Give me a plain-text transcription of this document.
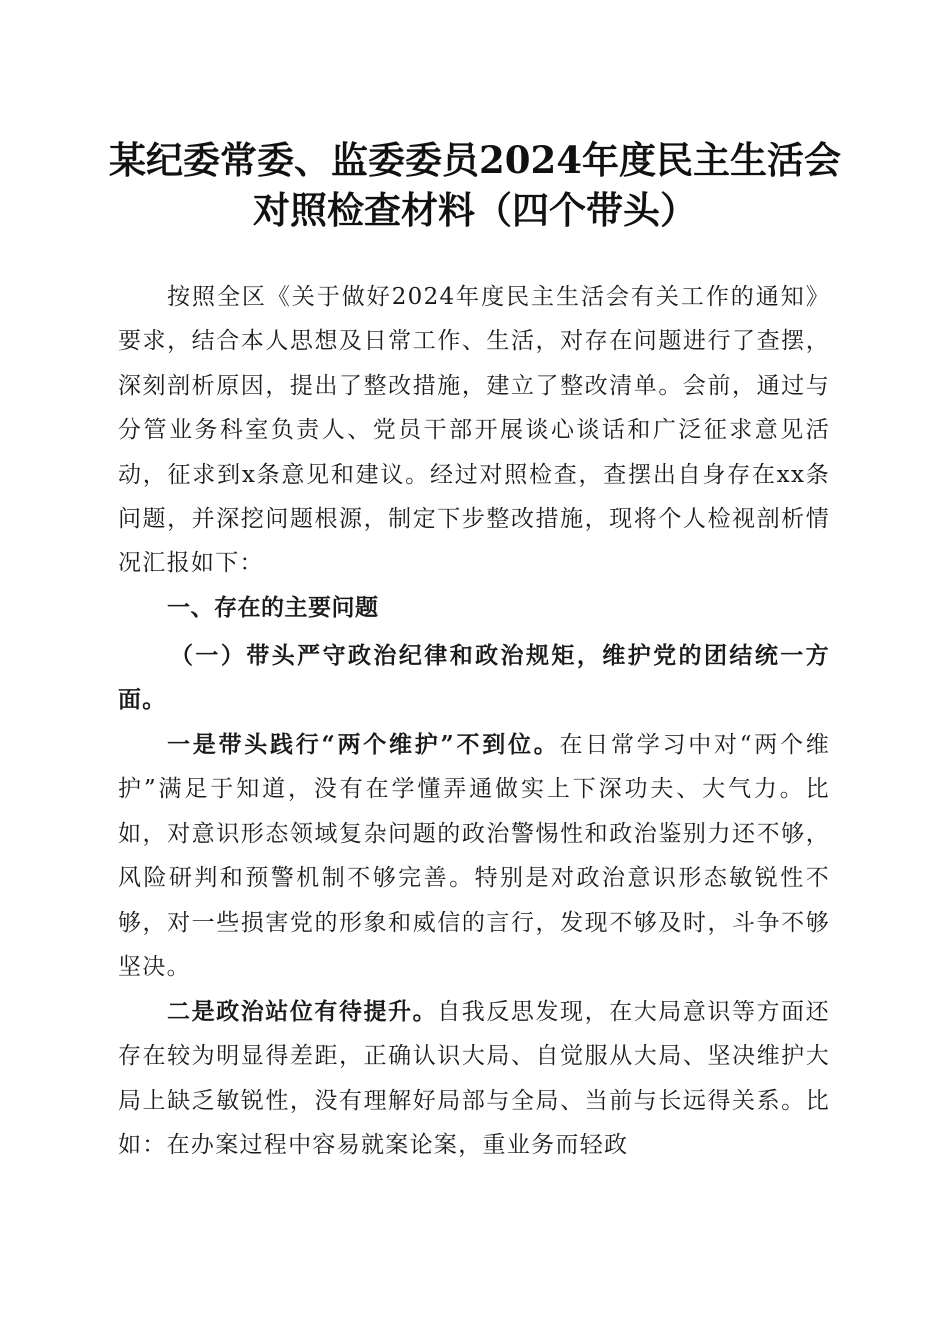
某纪委常委、监委委员2024年度民主生活会
对照检查材料（四个带头）

按照全区《关于做好2024年度民主生活会有关工作的通知》要求，结合本人思想及日常工作、生活，对存在问题进行了查摆，深刻剖析原因，提出了整改措施，建立了整改清单。会前，通过与分管业务科室负责人、党员干部开展谈心谈话和广泛征求意见活动，征求到x条意见和建议。经过对照检查，查摆出自身存在xx条问题，并深挖问题根源，制定下步整改措施，现将个人检视剖析情况汇报如下：

一、存在的主要问题

（一）带头严守政治纪律和政治规矩，维护党的团结统一方面。

一是带头践行“两个维护”不到位。在日常学习中对“两个维护”满足于知道，没有在学懂弄通做实上下深功夫、大气力。比如，对意识形态领域复杂问题的政治警惕性和政治鉴别力还不够，风险研判和预警机制不够完善。特别是对政治意识形态敏锐性不够，对一些损害党的形象和威信的言行，发现不够及时，斗争不够坚决。

二是政治站位有待提升。自我反思发现，在大局意识等方面还存在较为明显得差距，正确认识大局、自觉服从大局、坚决维护大局上缺乏敏锐性，没有理解好局部与全局、当前与长远得关系。比如：在办案过程中容易就案论案，重业务而轻政
